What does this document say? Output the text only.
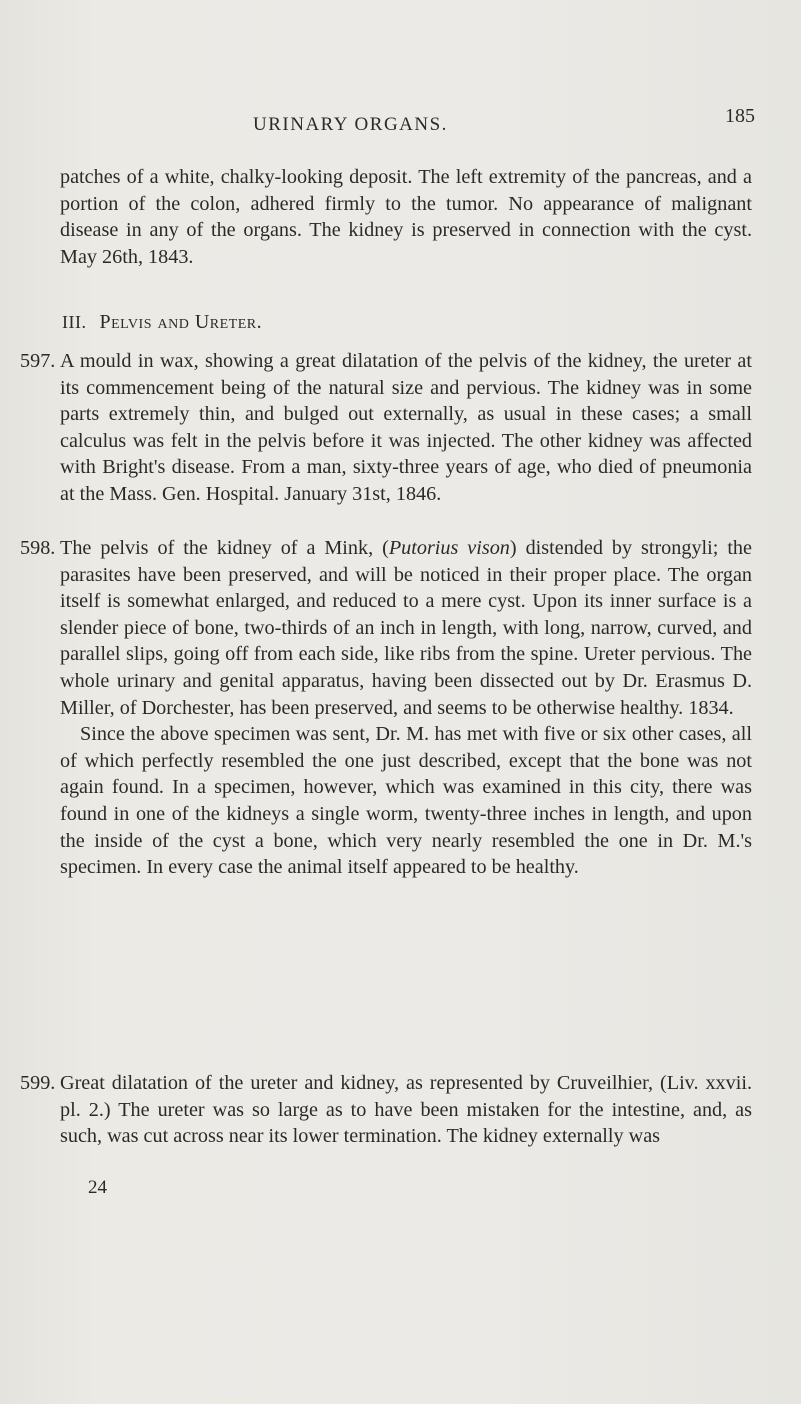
URINARY ORGANS.	185
patches of a white, chalky-looking deposit. The left extremity of the pancreas, and a portion of the colon, adhered firmly to the tumor. No appearance of malignant disease in any of the organs. The kidney is preserved in connection with the cyst. May 26th, 1843.
III. Pelvis and Ureter.
597. A mould in wax, showing a great dilatation of the pelvis of the kidney, the ureter at its commencement being of the natural size and pervious. The kidney was in some parts extremely thin, and bulged out externally, as usual in these cases; a small calculus was felt in the pelvis before it was injected. The other kidney was affected with Bright's disease. From a man, sixty-three years of age, who died of pneumonia at the Mass. Gen. Hospital. January 31st, 1846.
598. The pelvis of the kidney of a Mink, (Putorius vison) distended by strongyli; the parasites have been preserved, and will be noticed in their proper place. The organ itself is somewhat enlarged, and reduced to a mere cyst. Upon its inner surface is a slender piece of bone, two-thirds of an inch in length, with long, narrow, curved, and parallel slips, going off from each side, like ribs from the spine. Ureter pervious. The whole urinary and genital apparatus, having been dissected out by Dr. Erasmus D. Miller, of Dorchester, has been preserved, and seems to be otherwise healthy. 1834.
Since the above specimen was sent, Dr. M. has met with five or six other cases, all of which perfectly resembled the one just described, except that the bone was not again found. In a specimen, however, which was examined in this city, there was found in one of the kidneys a single worm, twenty-three inches in length, and upon the inside of the cyst a bone, which very nearly resembled the one in Dr. M.'s specimen. In every case the animal itself appeared to be healthy.
599. Great dilatation of the ureter and kidney, as represented by Cruveilhier, (Liv. xxvii. pl. 2.) The ureter was so large as to have been mistaken for the intestine, and, as such, was cut across near its lower termination. The kidney externally was
24
